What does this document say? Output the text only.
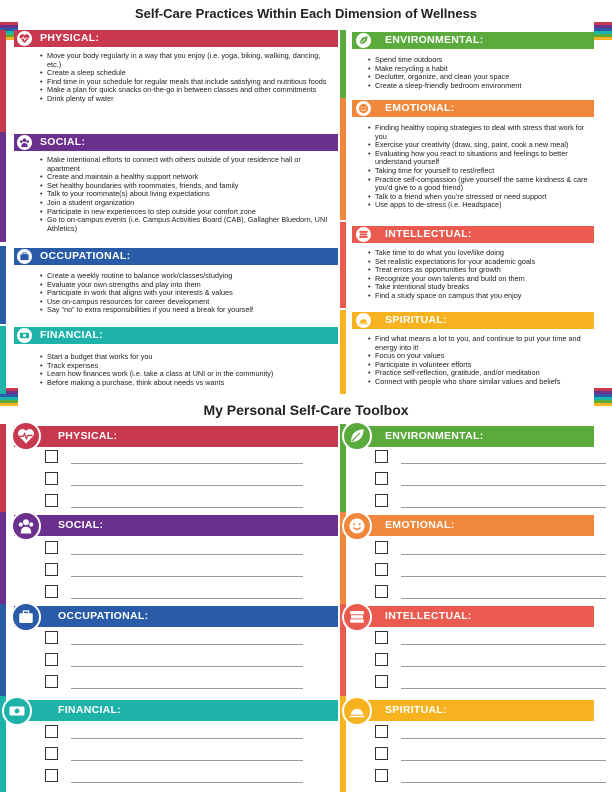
Self-Care Practices Within Each Dimension of Wellness
PHYSICAL:
• Move your body regularly in a way that you enjoy (i.e. yoga, biking, walking, dancing, etc.)
• Create a sleep schedule
• Find time in your schedule for regular meals that include satisfying and nutritious foods
• Make a plan for quick snacks on-the-go in between classes and other commitments
• Drink plenty of water
SOCIAL:
• Make intentional efforts to connect with others outside of your residence hall or apartment
• Create and maintain a healthy support network
• Set healthy boundaries with roommates, friends, and family
• Talk to your roommate(s) about living expectations
• Join a student organization
• Participate in new experiences to step outside your comfort zone
• Go to on-campus events (i.e. Campus Activities Board (CAB), Gallagher Bluedorn, UNI Athletics)
OCCUPATIONAL:
• Create a weekly routine to balance work/classes/studying
• Evaluate your own strengths and play into them
• Participate in work that aligns with your interests & values
• Use on-campus resources for career development
• Say “no” to extra responsibilities if you need a break for yourself
FINANCIAL:
• Start a budget that works for you
• Track expenses
• Learn how finances work (i.e. take a class at UNI or in the community)
• Before making a purchase, think about needs vs wants
ENVIRONMENTAL:
• Spend time outdoors
• Make recycling a habit
• Declutter, organize, and clean your space
• Create a sleep-friendly bedroom environment
EMOTIONAL:
• Finding healthy coping strategies to deal with stress that work for you
• Exercise your creativity (draw, sing, paint, cook a new meal)
• Evaluating how you react to situations and feelings to better understand yourself
• Taking time for yourself to rest/reflect
• Practice self-compassion (give yourself the same kindness & care you’d give to a good friend)
• Talk to a friend when you’re stressed or need support
• Use apps to de-stress (i.e. Headspace)
INTELLECTUAL:
• Take time to do what you love/like doing
• Set realistic expectations for your academic goals
• Treat errors as opportunities for growth
• Recognize your own talents and build on them
• Take intentional study breaks
• Find a study space on campus that you enjoy
SPIRITUAL:
• Find what means a lot to you, and continue to put your time and energy into it!
• Focus on your values
• Participate in volunteer efforts
• Practice self-reflection, gratitude, and/or meditation
• Connect with people who share similar values and beliefs
My Personal Self-Care Toolbox
PHYSICAL:
SOCIAL:
OCCUPATIONAL:
FINANCIAL:
ENVIRONMENTAL:
EMOTIONAL:
INTELLECTUAL:
SPIRITUAL:
